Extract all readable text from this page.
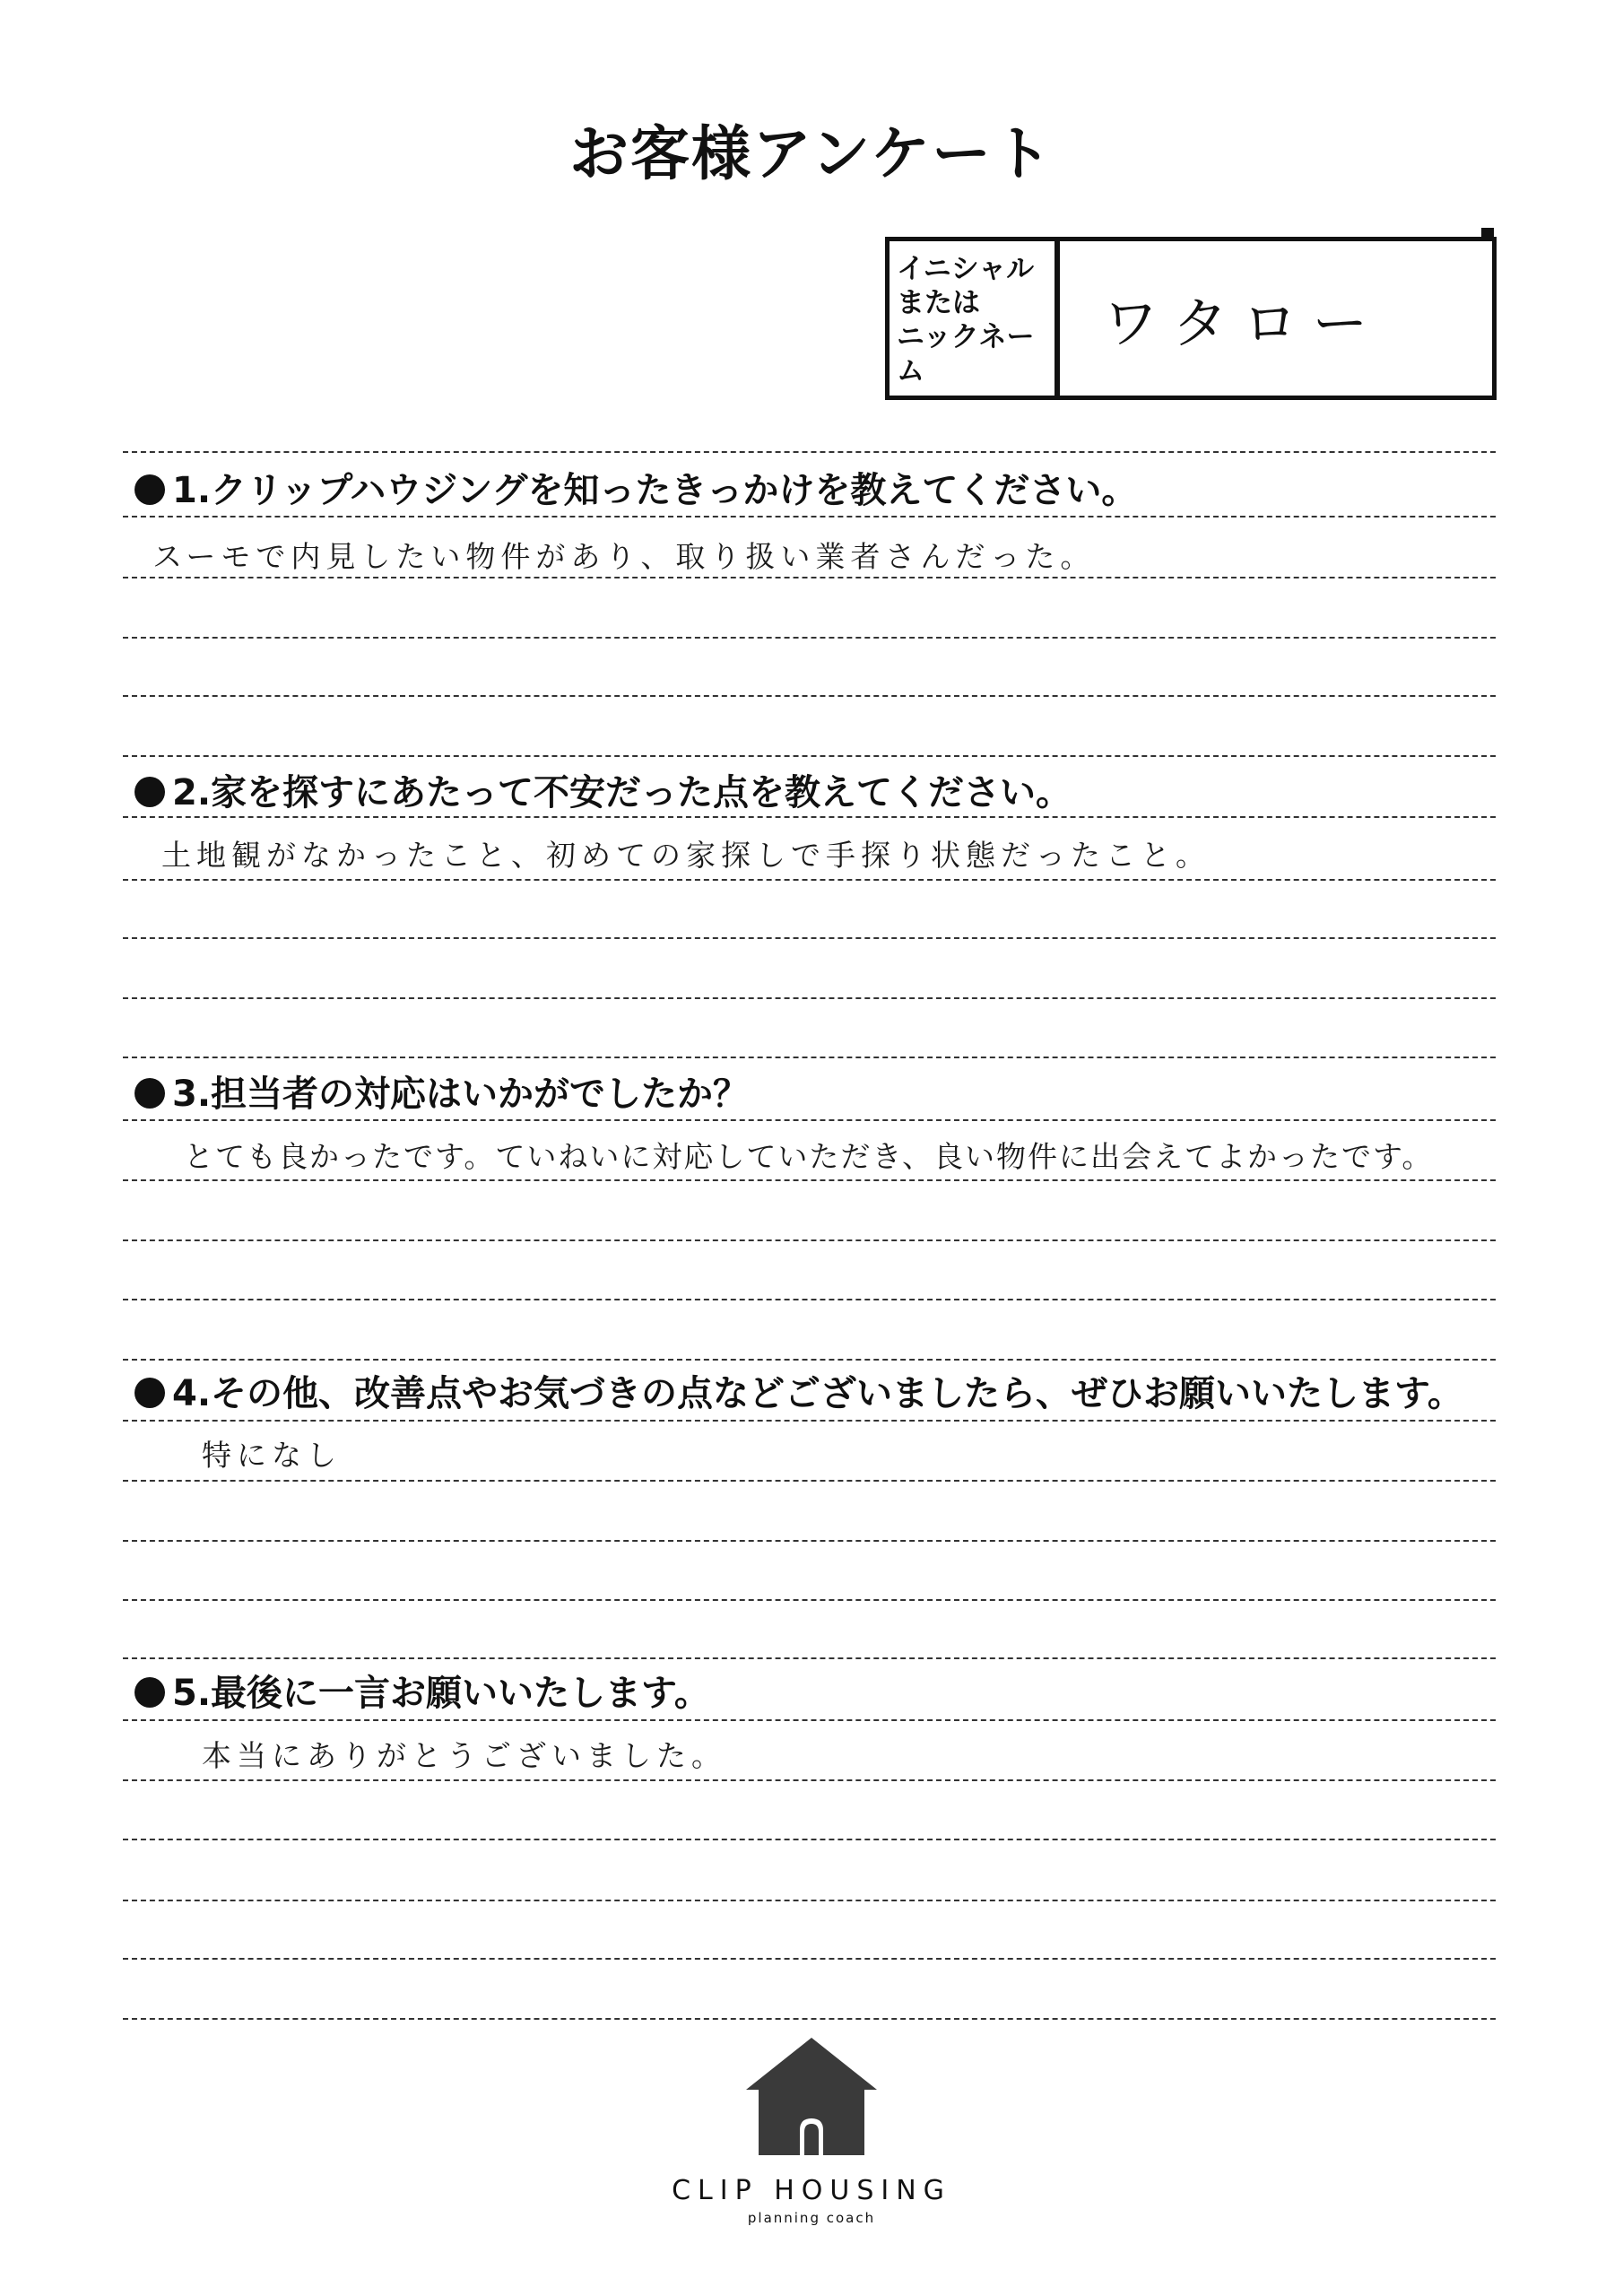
お客様アンケート
イニシャル
または
ニックネー
ム
ワタロー
1.クリップハウジングを知ったきっかけを教えてください。
スーモで内見したい物件があり、取り扱い業者さんだった。
2.家を探すにあたって不安だった点を教えてください。
土地観がなかったこと、初めての家探しで手探り状態だったこと。
3.担当者の対応はいかがでしたか？
とても良かったです。ていねいに対応していただき、良い物件に出会えてよかったです。
4.その他、改善点やお気づきの点などございましたら、ぜひお願いいたします。
特になし
5.最後に一言お願いいたします。
本当にありがとうございました。
CLIP HOUSING
planning coach
